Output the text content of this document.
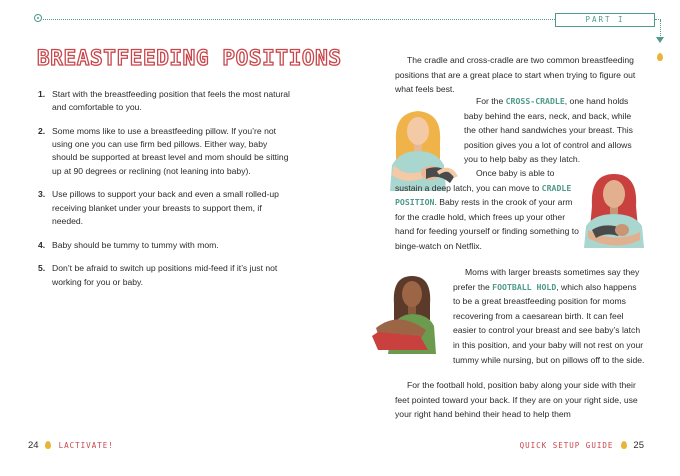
BREASTFEEDING POSITIONS
1. Start with the breastfeeding position that feels the most natural and comfortable to you.
2. Some moms like to use a breastfeeding pillow. If you’re not using one you can use firm bed pillows. Either way, baby should be supported at breast level and mom should be sitting up at 90 degrees or reclining (not leaning into baby).
3. Use pillows to support your back and even a small rolled-up receiving blanket under your breasts to support them, if needed.
4. Baby should be tummy to tummy with mom.
5. Don’t be afraid to switch up positions mid-feed if it’s just not working for you or baby.
24	LACTIVATE!
PART I

The cradle and cross-cradle are two common breastfeeding positions that are a great place to start when trying to figure out what feels best.

For the CROSS-CRADLE, one hand holds baby behind the ears, neck, and back, while the other hand sandwiches your breast. This position gives you a lot of control and allows you to help baby as they latch.

Once baby is able to sustain a deep latch, you can move to CRADLE POSITION. Baby rests in the crook of your arm for the cradle hold, which frees up your other hand for feeding yourself or finding something to binge-watch on Netflix.

Moms with larger breasts sometimes say they prefer the FOOTBALL HOLD, which also happens to be a great breastfeeding position for moms recovering from a caesarean birth. It can feel easier to control your breast and see baby’s latch in this position, and your baby will not rest on your tummy while nursing, but on pillows off to the side.

For the football hold, position baby along your side with their feet pointed toward your back. If they are on your right side, use your right hand behind their head to help them

QUICK SETUP GUIDE 25
